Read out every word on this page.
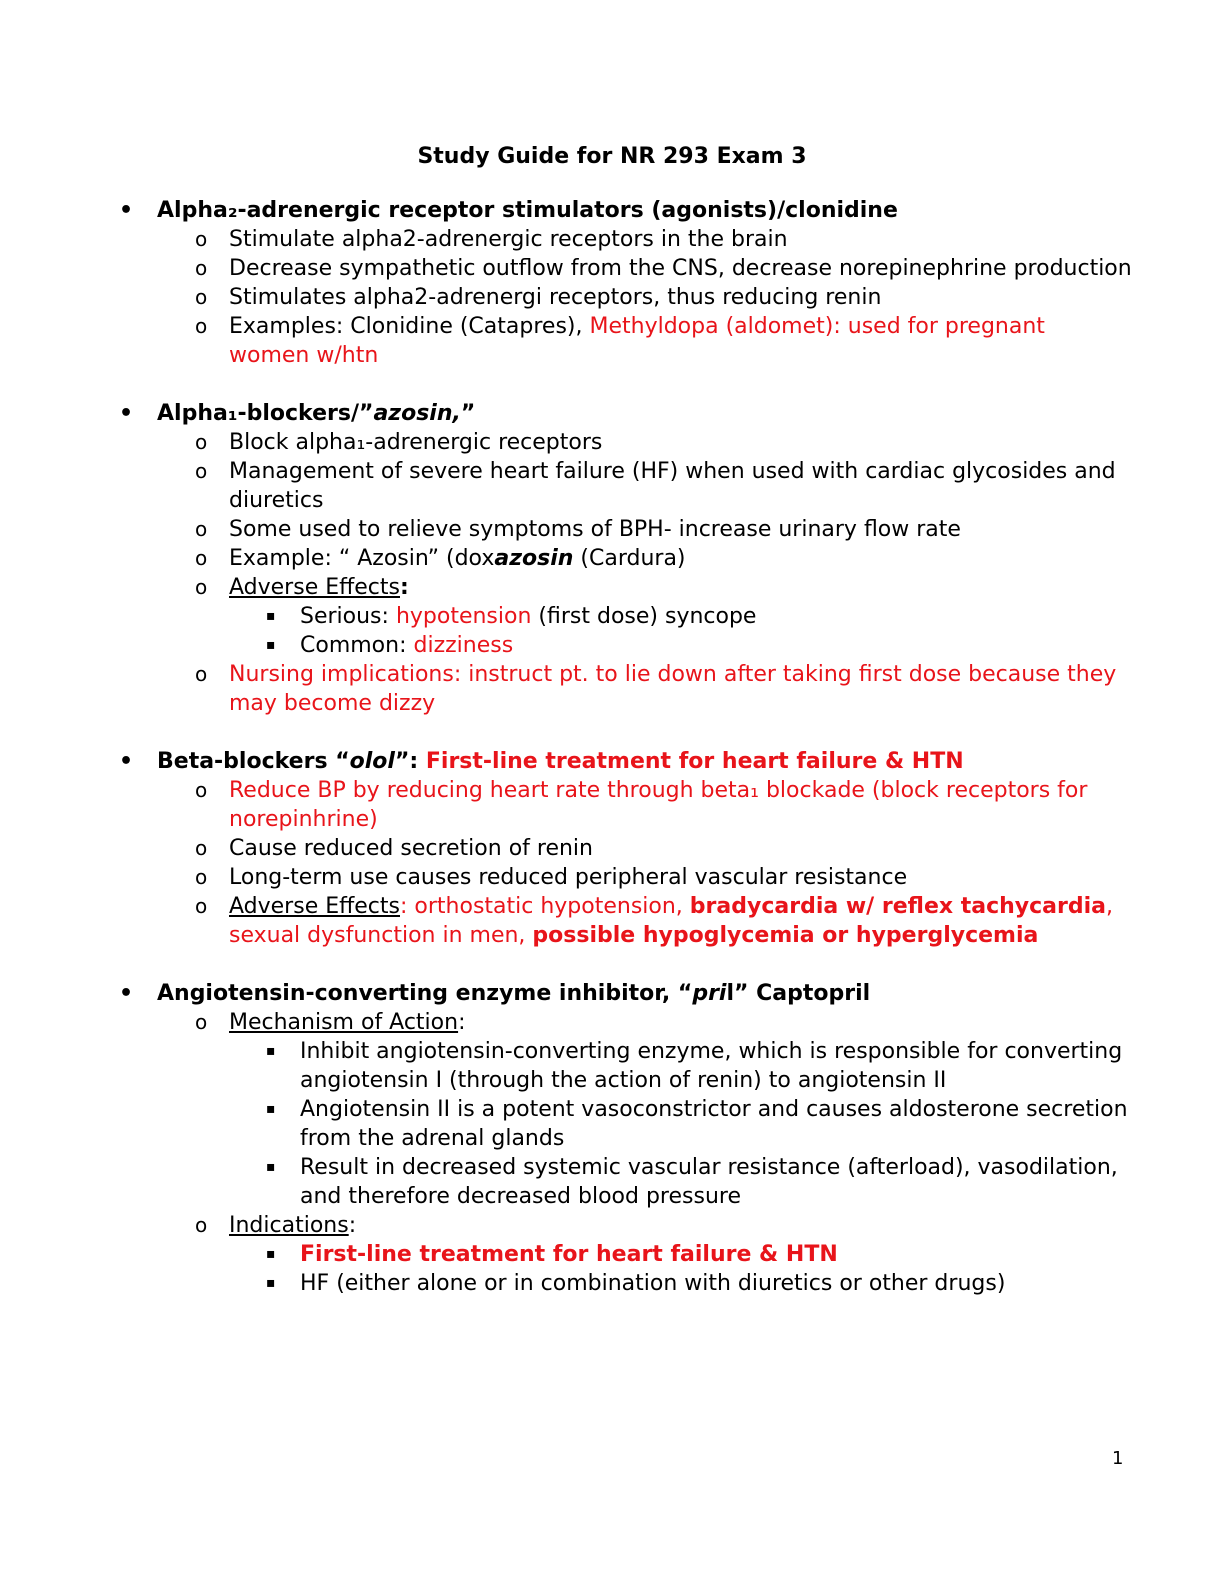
Study Guide for NR 293 Exam 3
• Alpha₂-adrenergic receptor stimulators (agonists)/clonidine
o Stimulate alpha2-adrenergic receptors in the brain
o Decrease sympathetic outflow from the CNS, decrease norepinephrine production
o Stimulates alpha2-adrenergi receptors, thus reducing renin
o Examples: Clonidine (Catapres), Methyldopa (aldomet): used for pregnant women w/htn
• Alpha₁-blockers/”azosin,”
o Block alpha₁-adrenergic receptors
o Management of severe heart failure (HF) when used with cardiac glycosides and diuretics
o Some used to relieve symptoms of BPH- increase urinary flow rate
o Example: “ Azosin” (doxazosin (Cardura)
o Adverse Effects:
▪ Serious: hypotension (first dose) syncope
▪ Common: dizziness
o Nursing implications: instruct pt. to lie down after taking first dose because they may become dizzy
• Beta-blockers “olol”: First-line treatment for heart failure & HTN
o Reduce BP by reducing heart rate through beta₁ blockade (block receptors for norepinhrine)
o Cause reduced secretion of renin
o Long-term use causes reduced peripheral vascular resistance
o Adverse Effects: orthostatic hypotension, bradycardia w/ reflex tachycardia, sexual dysfunction in men, possible hypoglycemia or hyperglycemia
• Angiotensin-converting enzyme inhibitor, “pril” Captopril
o Mechanism of Action:
▪ Inhibit angiotensin-converting enzyme, which is responsible for converting angiotensin I (through the action of renin) to angiotensin II
▪ Angiotensin II is a potent vasoconstrictor and causes aldosterone secretion from the adrenal glands
▪ Result in decreased systemic vascular resistance (afterload), vasodilation, and therefore decreased blood pressure
o Indications:
▪ First-line treatment for heart failure & HTN
▪ HF (either alone or in combination with diuretics or other drugs)
1
